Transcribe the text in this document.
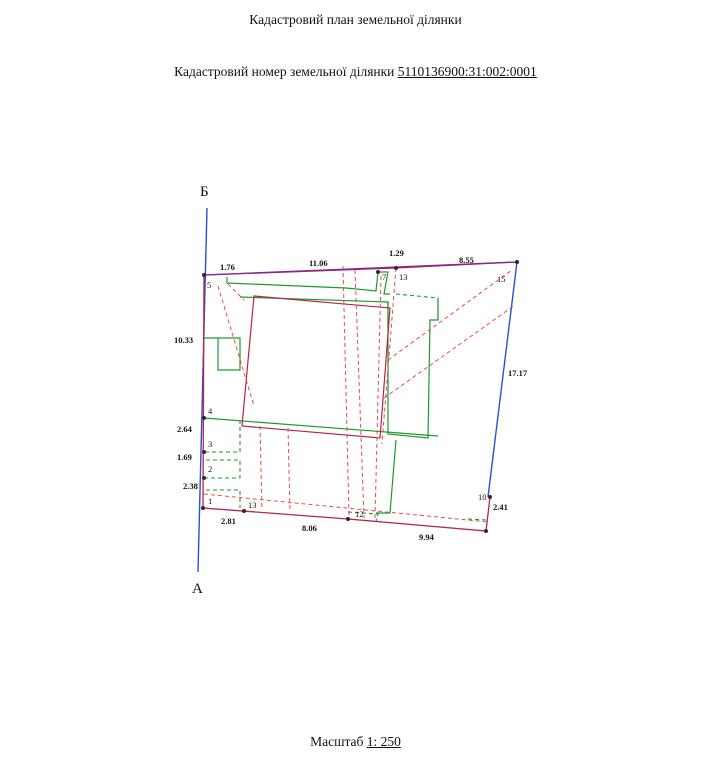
Кадастровий план земельної ділянки
Кадастровий номер земельної ділянки 5110136900:31:002:0001
Б
А
1.76	11.06
1.29
8.55
10.33
17.17
2.64
1.69
2.38
2.41
2.81
8.06
9.94
1
2
3
4
5
7 13	15
10
13
12
Масштаб 1: 250
